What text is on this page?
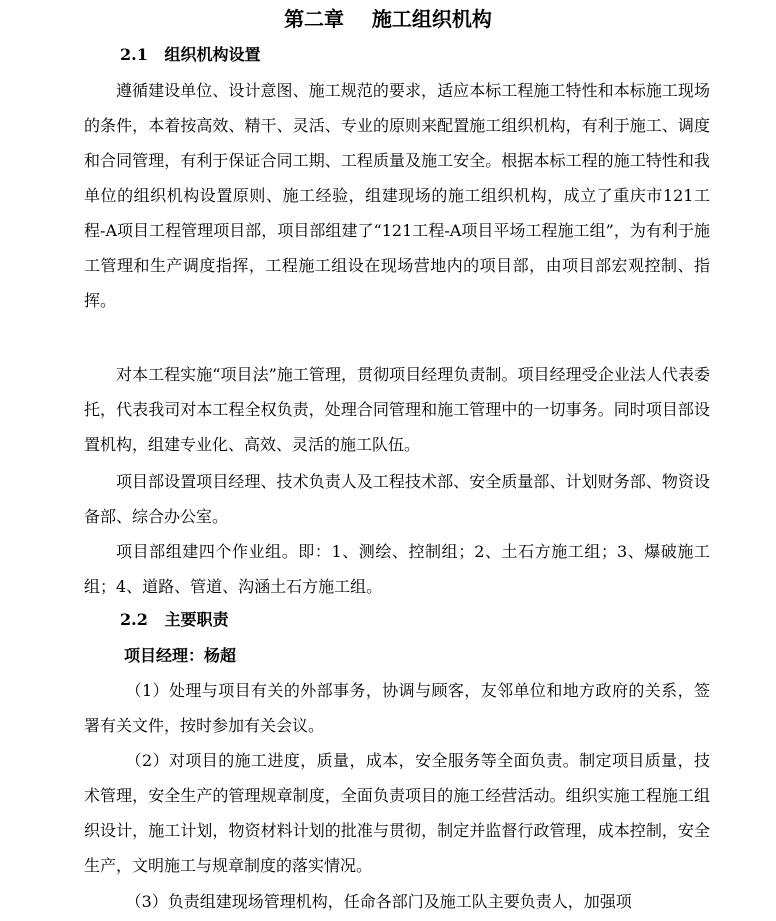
第二章    施工组织机构
2.1   组织机构设置

遵循建设单位、设计意图、施工规范的要求，适应本标工程施工特性和本标施工现场的条件，本着按高效、精干、灵活、专业的原则来配置施工组织机构，有利于施工、调度和合同管理，有利于保证合同工期、工程质量及施工安全。根据本标工程的施工特性和我单位的组织机构设置原则、施工经验，组建现场的施工组织机构，成立了重庆市121工程-A项目工程管理项目部，项目部组建了“121工程-A项目平场工程施工组”，为有利于施工管理和生产调度指挥，工程施工组设在现场营地内的项目部，由项目部宏观控制、指挥。

对本工程实施“项目法”施工管理，贯彻项目经理负责制。项目经理受企业法人代表委托，代表我司对本工程全权负责，处理合同管理和施工管理中的一切事务。同时项目部设置机构，组建专业化、高效、灵活的施工队伍。

项目部设置项目经理、技术负责人及工程技术部、安全质量部、计划财务部、物资设备部、综合办公室。

项目部组建四个作业组。即：1、测绘、控制组；2、土石方施工组；3、爆破施工组；4、道路、管道、沟涵土石方施工组。

2.2   主要职责
项目经理：杨超

（1）处理与项目有关的外部事务，协调与顾客，友邻单位和地方政府的关系，签署有关文件，按时参加有关会议。

（2）对项目的施工进度，质量，成本，安全服务等全面负责。制定项目质量，技术管理，安全生产的管理规章制度，全面负责项目的施工经营活动。组织实施工程施工组织设计，施工计划，物资材料计划的批准与贯彻，制定并监督行政管理，成本控制，安全生产，文明施工与规章制度的落实情况。

（3）负责组建现场管理机构，任命各部门及施工队主要负责人，加强项
